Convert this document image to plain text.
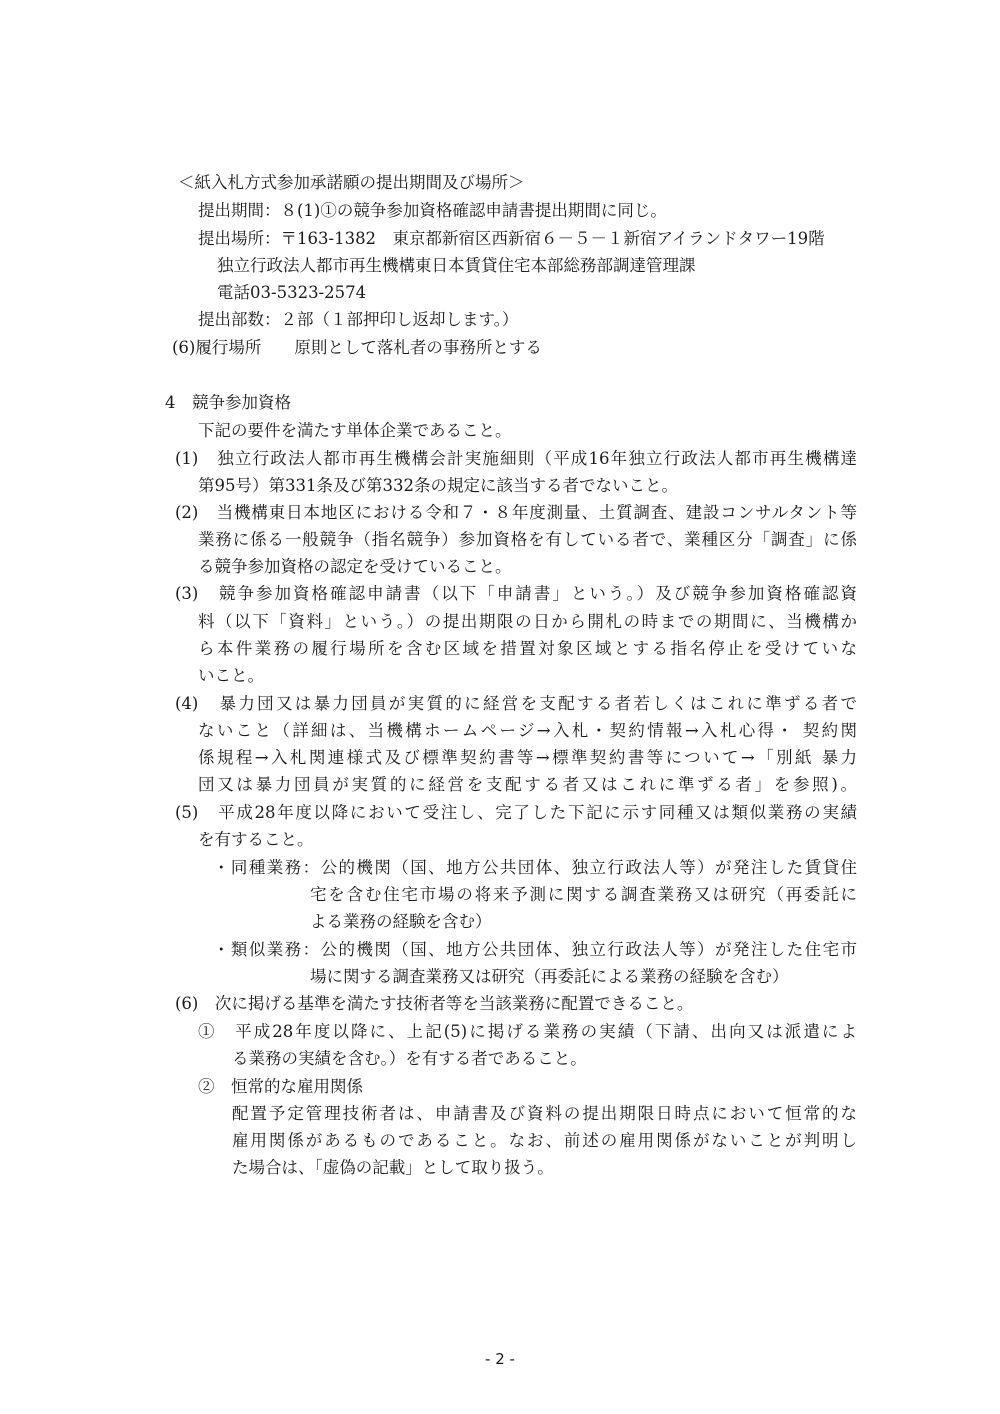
＜紙入札方式参加承諾願の提出期間及び場所＞
提出期間：８(1)①の競争参加資格確認申請書提出期間に同じ。
提出場所：〒163-1382　東京都新宿区西新宿６－５－１新宿アイランドタワー19階
独立行政法人都市再生機構東日本賃貸住宅本部総務部調達管理課
電話03-5323-2574
提出部数：２部（１部押印し返却します。）
(6)履行場所　　原則として落札者の事務所とする
4　競争参加資格
下記の要件を満たす単体企業であること。
(1)　独立行政法人都市再生機構会計実施細則（平成16年独立行政法人都市再生機構達
第95号）第331条及び第332条の規定に該当する者でないこと。
(2)　当機構東日本地区における令和７・８年度測量、土質調査、建設コンサルタント等
業務に係る一般競争（指名競争）参加資格を有している者で、業種区分「調査」に係
る競争参加資格の認定を受けていること。
(3)　競争参加資格確認申請書（以下「申請書」という。）及び競争参加資格確認資
料（以下「資料」という。）の提出期限の日から開札の時までの期間に、当機構か
ら本件業務の履行場所を含む区域を措置対象区域とする指名停止を受けていな
いこと。
(4)　暴力団又は暴力団員が実質的に経営を支配する者若しくはこれに準ずる者で
ないこと（詳細は、当機構ホームページ→入札・契約情報→入札心得・ 契約関
係規程→入札関連様式及び標準契約書等→標準契約書等について→「別紙 暴力
団又は暴力団員が実質的に経営を支配する者又はこれに準ずる者」を参照)。
(5)　平成28年度以降において受注し、完了した下記に示す同種又は類似業務の実績
を有すること。
・同種業務：公的機関（国、地方公共団体、独立行政法人等）が発注した賃貸住
宅を含む住宅市場の将来予測に関する調査業務又は研究（再委託に
よる業務の経験を含む）
・類似業務：公的機関（国、地方公共団体、独立行政法人等）が発注した住宅市
場に関する調査業務又は研究（再委託による業務の経験を含む）
(6)　次に掲げる基準を満たす技術者等を当該業務に配置できること。
①　平成28年度以降に、上記(5)に掲げる業務の実績（下請、出向又は派遣によ
る業務の実績を含む。）を有する者であること。
②　恒常的な雇用関係
配置予定管理技術者は、申請書及び資料の提出期限日時点において恒常的な
雇用関係があるものであること。なお、前述の雇用関係がないことが判明し
た場合は、「虚偽の記載」として取り扱う。
- 2 -
